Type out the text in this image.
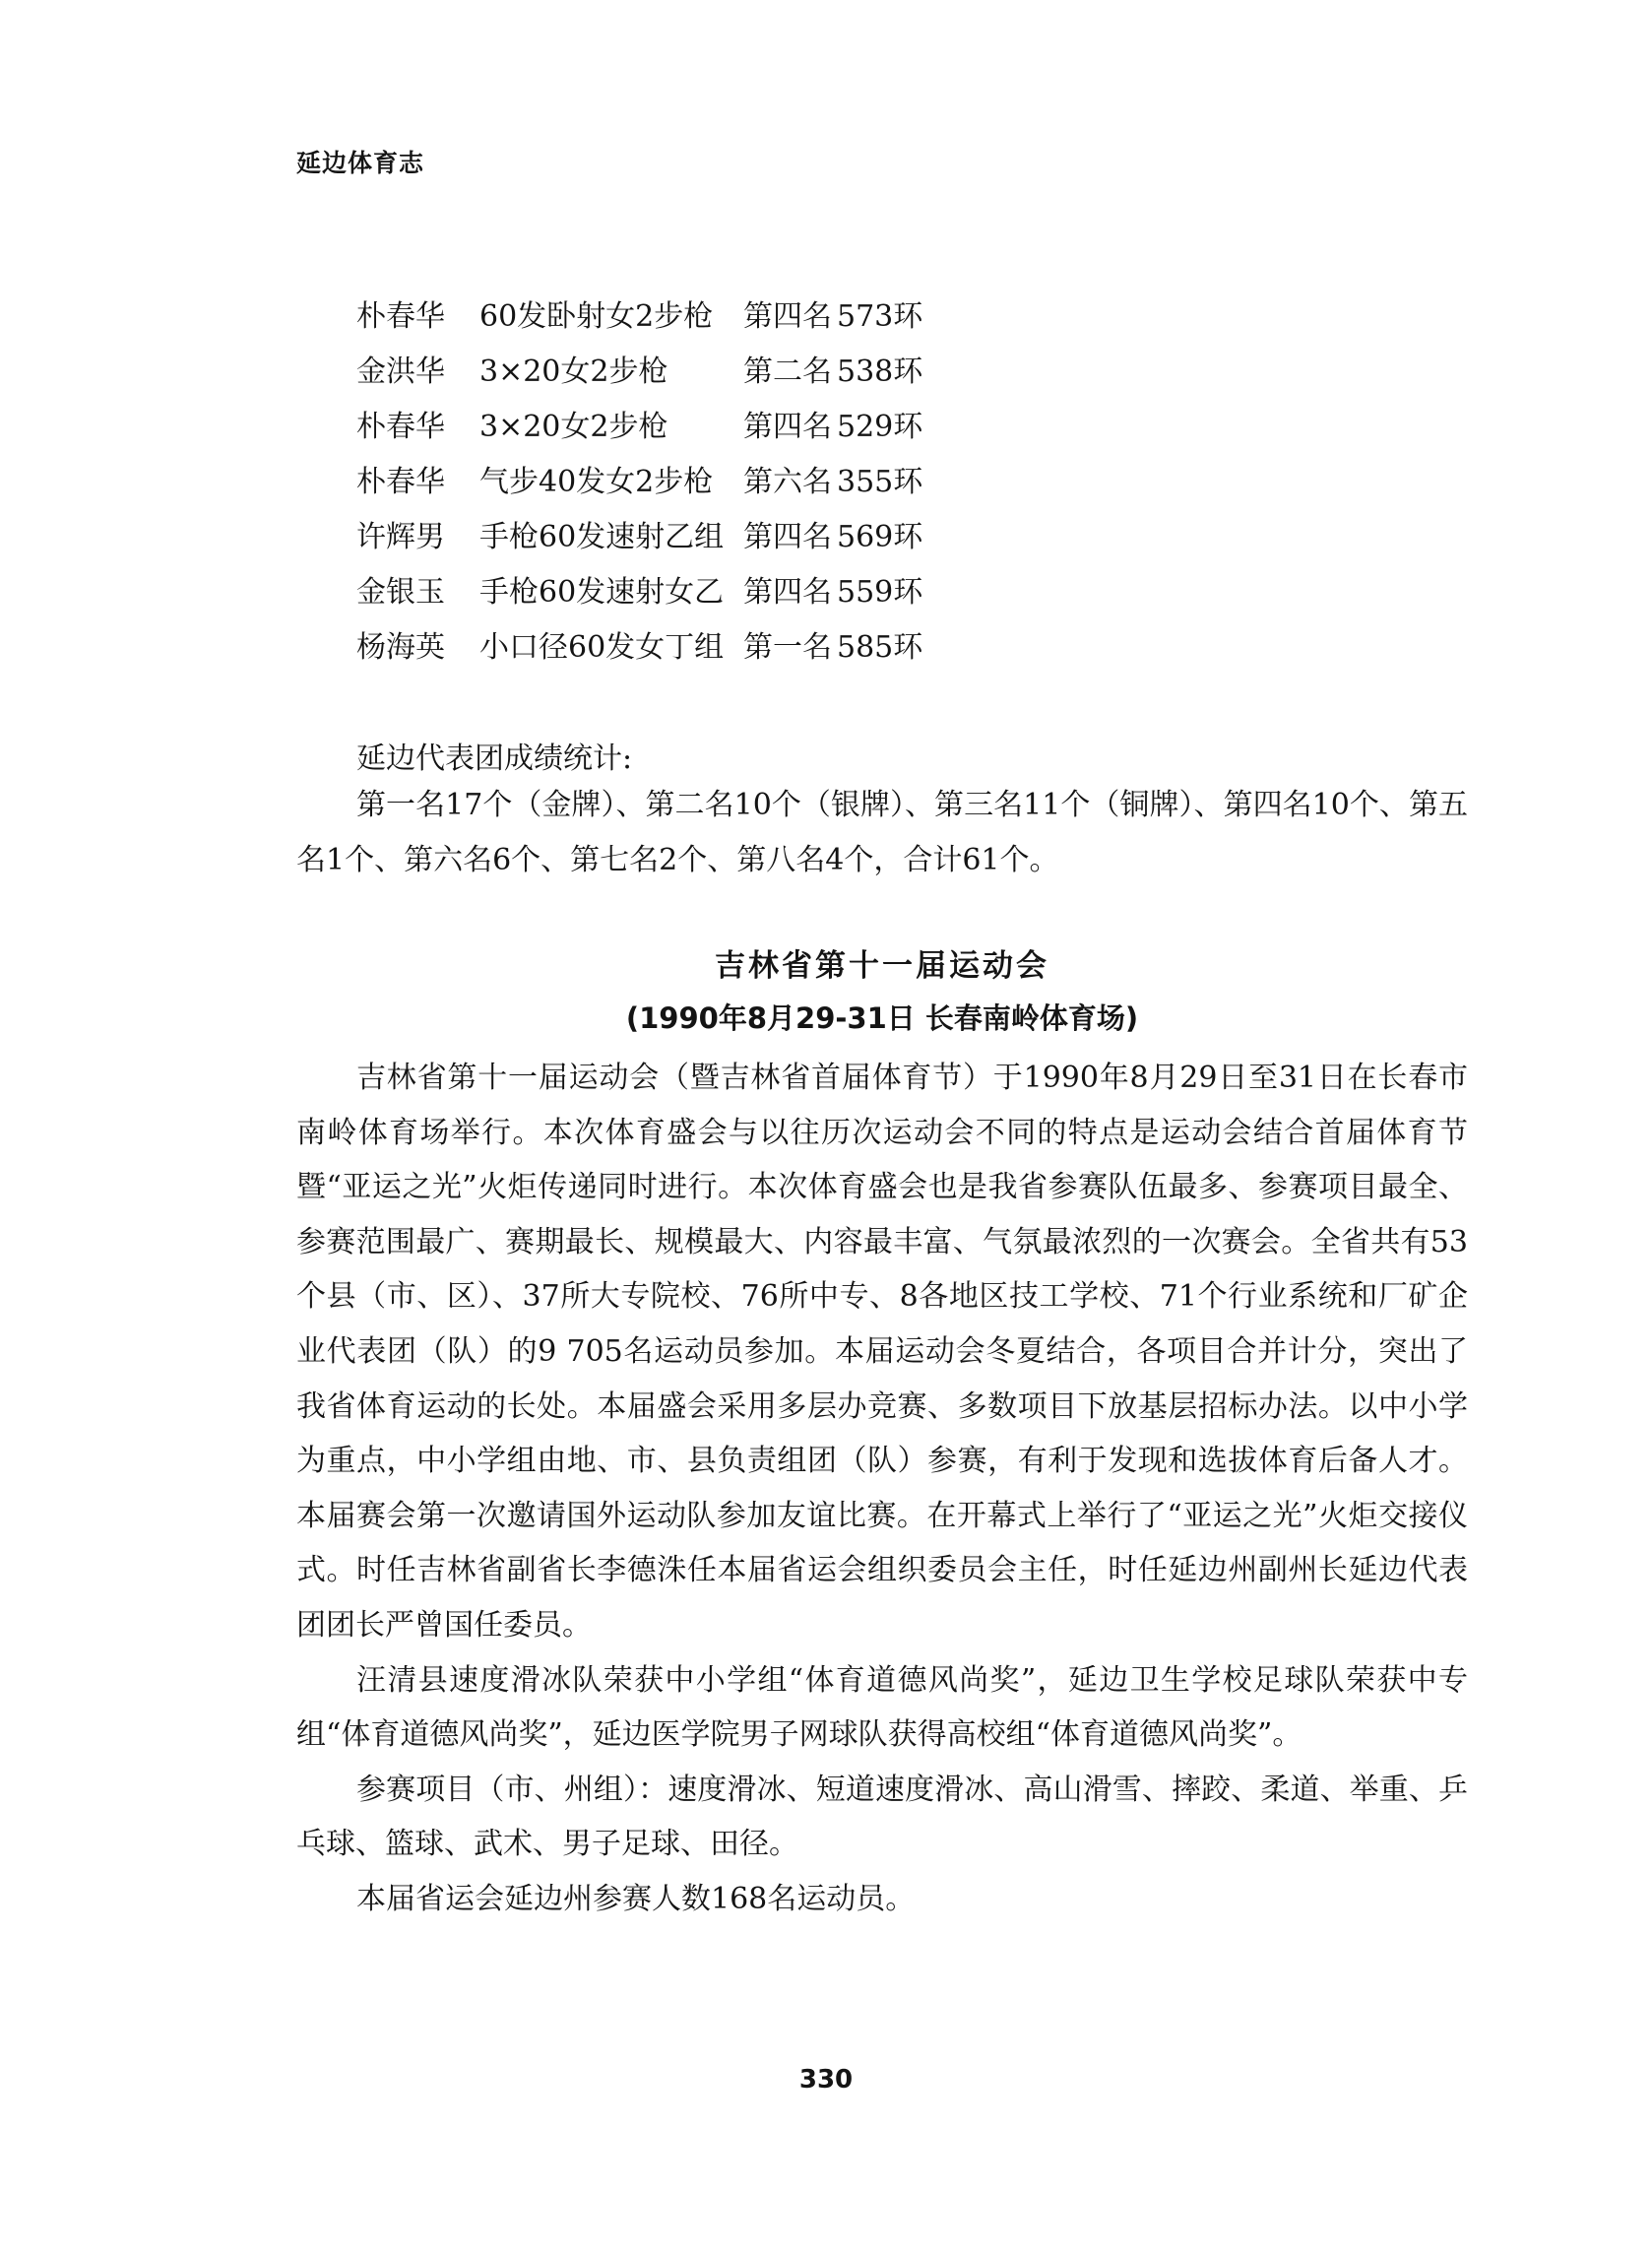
延边体育志
朴春华	60发卧射女2步枪	第四名	573环
金洪华	3×20女2步枪	第二名	538环
朴春华	3×20女2步枪	第四名	529环
朴春华	气步40发女2步枪	第六名	355环
许辉男	手枪60发速射乙组	第四名	569环
金银玉	手枪60发速射女乙	第四名	559环
杨海英	小口径60发女丁组	第一名	585环
延边代表团成绩统计:
第一名17个（金牌）、第二名10个（银牌）、第三名11个（铜牌）、第四名10个、第五名1个、第六名6个、第七名2个、第八名4个，合计61个。
吉林省第十一届运动会
(1990年8月29-31日 长春南岭体育场)

吉林省第十一届运动会（暨吉林省首届体育节）于1990年8月29日至31日在长春市南岭体育场举行。本次体育盛会与以往历次运动会不同的特点是运动会结合首届体育节暨“亚运之光”火炬传递同时进行。本次体育盛会也是我省参赛队伍最多、参赛项目最全、参赛范围最广、赛期最长、规模最大、内容最丰富、气氛最浓烈的一次赛会。全省共有53个县（市、区）、37所大专院校、76所中专、8各地区技工学校、71个行业系统和厂矿企业代表团（队）的9 705名运动员参加。本届运动会冬夏结合，各项目合并计分，突出了我省体育运动的长处。本届盛会采用多层办竞赛、多数项目下放基层招标办法。以中小学为重点，中小学组由地、市、县负责组团（队）参赛，有利于发现和选拔体育后备人才。本届赛会第一次邀请国外运动队参加友谊比赛。在开幕式上举行了“亚运之光”火炬交接仪式。时任吉林省副省长李德洙任本届省运会组织委员会主任，时任延边州副州长延边代表团团长严曾国任委员。

汪清县速度滑冰队荣获中小学组“体育道德风尚奖”，延边卫生学校足球队荣获中专组“体育道德风尚奖”，延边医学院男子网球队获得高校组“体育道德风尚奖”。

参赛项目（市、州组）：速度滑冰、短道速度滑冰、高山滑雪、摔跤、柔道、举重、乒乓球、篮球、武术、男子足球、田径。

本届省运会延边州参赛人数168名运动员。

330
